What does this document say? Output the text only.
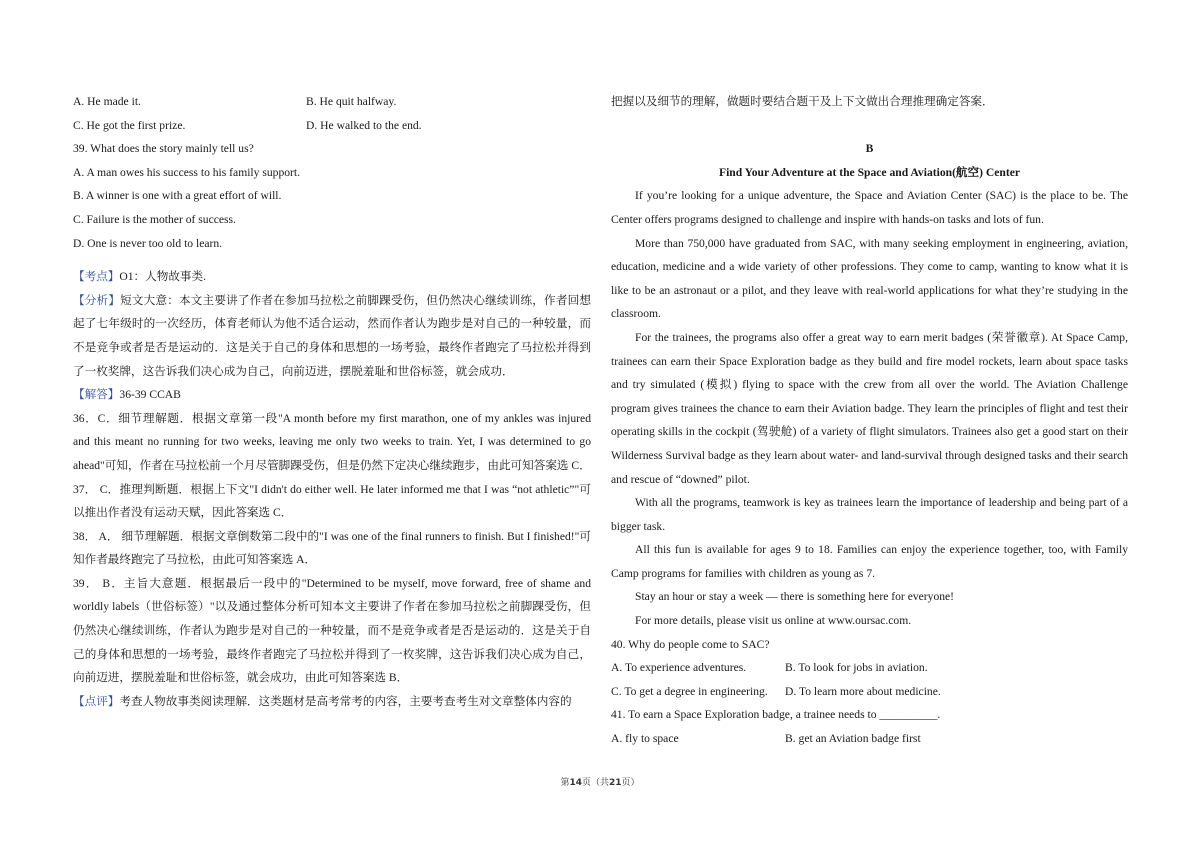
A. He made it.	B. He quit halfway.
C. He got the first prize.	D. He walked to the end.
39. What does the story mainly tell us?
A. A man owes his success to his family support.
B. A winner is one with a great effort of will.
C. Failure is the mother of success.
D. One is never too old to learn.
【考点】O1：人物故事类.
【分析】短文大意：本文主要讲了作者在参加马拉松之前脚踝受伤，但仍然决心继续训练，作者回想起了七年级时的一次经历，体育老师认为他不适合运动，然而作者认为跑步是对自己的一种较量，而不是竞争或者是否是运动的．这是关于自己的身体和思想的一场考验，最终作者跑完了马拉松并得到了一枚奖牌，这告诉我们决心成为自己，向前迈进，摆脱羞耻和世俗标签，就会成功．
【解答】36-39 CCAB
36．C．细节理解题．根据文章第一段"A month before my first marathon, one of my ankles was injured and this meant no running for two weeks, leaving me only two weeks to train. Yet, I was determined to go ahead"可知，作者在马拉松前一个月尽管脚踝受伤，但是仍然下定决心继续跑步，由此可知答案选 C．
37． C．推理判断题．根据上下文"I didn't do either well. He later informed me that I was “not athletic”"可以推出作者没有运动天赋，因此答案选 C．
38． A． 细节理解题．根据文章倒数第二段中的"I was one of the final runners to finish. But I finished!"可知作者最终跑完了马拉松，由此可知答案选 A．
39． B．主旨大意题．根据最后一段中的"Determined to be myself, move forward, free of shame and worldly labels（世俗标签）"以及通过整体分析可知本文主要讲了作者在参加马拉松之前脚踝受伤，但仍然决心继续训练，作者认为跑步是对自己的一种较量，而不是竞争或者是否是运动的．这是关于自己的身体和思想的一场考验，最终作者跑完了马拉松并得到了一枚奖牌，这告诉我们决心成为自己，向前迈进，摆脱羞耻和世俗标签，就会成功，由此可知答案选 B．
【点评】考查人物故事类阅读理解．这类题材是高考常考的内容，主要考查考生对文章整体内容的
把握以及细节的理解，做题时要结合题干及上下文做出合理推理确定答案．
B
Find Your Adventure at the Space and Aviation(航空) Center
If you’re looking for a unique adventure, the Space and Aviation Center (SAC) is the place to be. The Center offers programs designed to challenge and inspire with hands-on tasks and lots of fun.
More than 750,000 have graduated from SAC, with many seeking employment in engineering, aviation, education, medicine and a wide variety of other professions. They come to camp, wanting to know what it is like to be an astronaut or a pilot, and they leave with real-world applications for what they’re studying in the classroom.
For the trainees, the programs also offer a great way to earn merit badges (荣誉徽章). At Space Camp, trainees can earn their Space Exploration badge as they build and fire model rockets, learn about space tasks and try simulated (模拟) flying to space with the crew from all over the world. The Aviation Challenge program gives trainees the chance to earn their Aviation badge. They learn the principles of flight and test their operating skills in the cockpit (驾驶舱) of a variety of flight simulators. Trainees also get a good start on their Wilderness Survival badge as they learn about water- and land-survival through designed tasks and their search and rescue of “downed” pilot.
With all the programs, teamwork is key as trainees learn the importance of leadership and being part of a bigger task.
All this fun is available for ages 9 to 18. Families can enjoy the experience together, too, with Family Camp programs for families with children as young as 7.
Stay an hour or stay a week — there is something here for everyone!
For more details, please visit us online at www.oursac.com.
40. Why do people come to SAC?
A. To experience adventures.	B. To look for jobs in aviation.
C. To get a degree in engineering.	D. To learn more about medicine.
41. To earn a Space Exploration badge, a trainee needs to __________.
A. fly to space	B. get an Aviation badge first
第14页（共21页）
